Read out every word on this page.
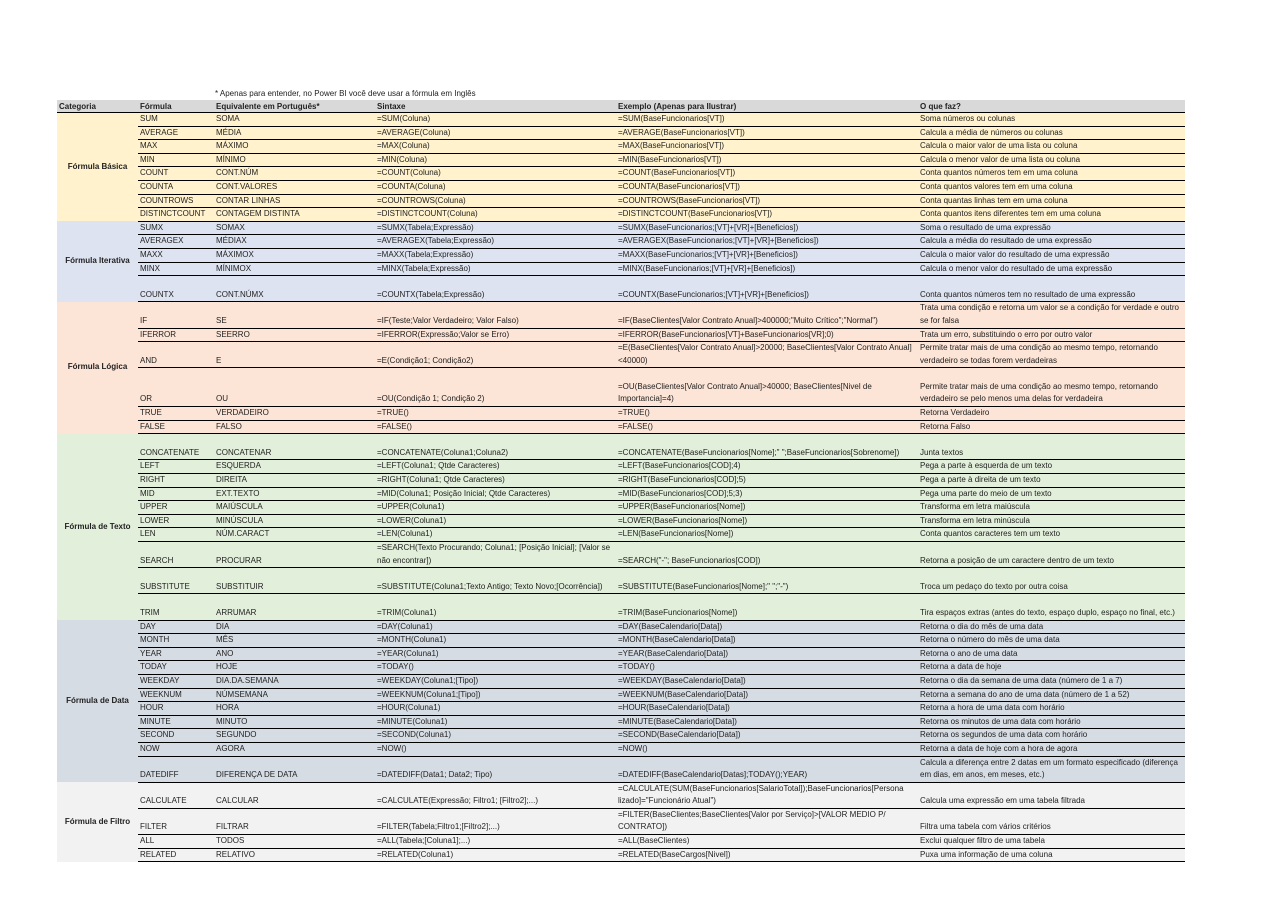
* Apenas para entender, no Power BI você deve usar a fórmula em Inglês
Categoria	Fórmula	Equivalente em Português*	Sintaxe	Exemplo (Apenas para Ilustrar)	O que faz?
Fórmula Básica	SUM	SOMA	=SUM(Coluna)	=SUM(BaseFuncionarios[VT])	Soma números ou colunas
	AVERAGE	MÉDIA	=AVERAGE(Coluna)	=AVERAGE(BaseFuncionarios[VT])	Calcula a média de números ou colunas
	MAX	MÁXIMO	=MAX(Coluna)	=MAX(BaseFuncionarios[VT])	Calcula o maior valor de uma lista ou coluna
	MIN	MÍNIMO	=MIN(Coluna)	=MIN(BaseFuncionarios[VT])	Calcula o menor valor de uma lista ou coluna
	COUNT	CONT.NÚM	=COUNT(Coluna)	=COUNT(BaseFuncionarios[VT])	Conta quantos números tem em uma coluna
	COUNTA	CONT.VALORES	=COUNTA(Coluna)	=COUNTA(BaseFuncionarios[VT])	Conta quantos valores tem em uma coluna
	COUNTROWS	CONTAR LINHAS	=COUNTROWS(Coluna)	=COUNTROWS(BaseFuncionarios[VT])	Conta quantas linhas tem em uma coluna
	DISTINCTCOUNT	CONTAGEM DISTINTA	=DISTINCTCOUNT(Coluna)	=DISTINCTCOUNT(BaseFuncionarios[VT])	Conta quantos itens diferentes tem em uma coluna
Fórmula Iterativa	SUMX	SOMAX	=SUMX(Tabela;Expressão)	=SUMX(BaseFuncionarios;[VT]+[VR]+[Beneficios])	Soma o resultado de uma expressão
	AVERAGEX	MÉDIAX	=AVERAGEX(Tabela;Expressão)	=AVERAGEX(BaseFuncionarios;[VT]+[VR]+[Beneficios])	Calcula a média do resultado de uma expressão
	MAXX	MÁXIMOX	=MAXX(Tabela;Expressão)	=MAXX(BaseFuncionarios;[VT]+[VR]+[Beneficios])	Calcula o maior valor do resultado de uma expressão
	MINX	MÍNIMOX	=MINX(Tabela;Expressão)	=MINX(BaseFuncionarios;[VT]+[VR]+[Beneficios])	Calcula o menor valor do resultado de uma expressão
	COUNTX	CONT.NÚMX	=COUNTX(Tabela;Expressão)	=COUNTX(BaseFuncionarios;[VT]+[VR]+[Beneficios])	Conta quantos números tem no resultado de uma expressão
Fórmula Lógica	IF	SE	=IF(Teste;Valor Verdadeiro; Valor Falso)	=IF(BaseClientes[Valor Contrato Anual]>400000;"Muito Crítico";"Normal")	Trata uma condição e retorna um valor se a condição for verdade e outro se for falsa
	IFERROR	SEERRO	=IFERROR(Expressão;Valor se Erro)	=IFERROR(BaseFuncionarios[VT]+BaseFuncionarios[VR];0)	Trata um erro, substituindo o erro por outro valor
	AND	E	=E(Condição1; Condição2)	=E(BaseClientes[Valor Contrato Anual]>20000; BaseClientes[Valor Contrato Anual]<40000)	Permite tratar mais de uma condição ao mesmo tempo, retornando verdadeiro se todas forem verdadeiras
	OR	OU	=OU(Condição 1; Condição 2)	=OU(BaseClientes[Valor Contrato Anual]>40000; BaseClientes[Nivel de Importancia]=4)	Permite tratar mais de uma condição ao mesmo tempo, retornando verdadeiro se pelo menos uma delas for verdadeira
	TRUE	VERDADEIRO	=TRUE()	=TRUE()	Retorna Verdadeiro
	FALSE	FALSO	=FALSE()	=FALSE()	Retorna Falso
Fórmula de Texto	CONCATENATE	CONCATENAR	=CONCATENATE(Coluna1;Coluna2)	=CONCATENATE(BaseFuncionarios[Nome];" ";BaseFuncionarios[Sobrenome])	Junta textos
	LEFT	ESQUERDA	=LEFT(Coluna1; Qtde Caracteres)	=LEFT(BaseFuncionarios[COD];4)	Pega a parte à esquerda de um texto
	RIGHT	DIREITA	=RIGHT(Coluna1; Qtde Caracteres)	=RIGHT(BaseFuncionarios[COD];5)	Pega a parte à direita de um texto
	MID	EXT.TEXTO	=MID(Coluna1; Posição Inicial; Qtde Caracteres)	=MID(BaseFuncionarios[COD];5;3)	Pega uma parte do meio de um texto
	UPPER	MAIÚSCULA	=UPPER(Coluna1)	=UPPER(BaseFuncionarios[Nome])	Transforma em letra maiúscula
	LOWER	MINÚSCULA	=LOWER(Coluna1)	=LOWER(BaseFuncionarios[Nome])	Transforma em letra minúscula
	LEN	NÚM.CARACT	=LEN(Coluna1)	=LEN(BaseFuncionarios[Nome])	Conta quantos caracteres tem um texto
	SEARCH	PROCURAR	=SEARCH(Texto Procurando; Coluna1; [Posição Inicial]; [Valor se não encontrar])	=SEARCH("-"; BaseFuncionarios[COD])	Retorna a posição de um caractere dentro de um texto
	SUBSTITUTE	SUBSTITUIR	=SUBSTITUTE(Coluna1;Texto Antigo; Texto Novo;[Ocorrência])	=SUBSTITUTE(BaseFuncionarios[Nome];" ";"-")	Troca um pedaço do texto por outra coisa
	TRIM	ARRUMAR	=TRIM(Coluna1)	=TRIM(BaseFuncionarios[Nome])	Tira espaços extras (antes do texto, espaço duplo, espaço no final, etc.)
Fórmula de Data	DAY	DIA	=DAY(Coluna1)	=DAY(BaseCalendario[Data])	Retorna o dia do mês de uma data
	MONTH	MÊS	=MONTH(Coluna1)	=MONTH(BaseCalendario[Data])	Retorna o número do mês de uma data
	YEAR	ANO	=YEAR(Coluna1)	=YEAR(BaseCalendario[Data])	Retorna o ano de uma data
	TODAY	HOJE	=TODAY()	=TODAY()	Retorna a data de hoje
	WEEKDAY	DIA.DA.SEMANA	=WEEKDAY(Coluna1;[Tipo])	=WEEKDAY(BaseCalendario[Data])	Retorna o dia da semana de uma data (número de 1 a 7)
	WEEKNUM	NÚMSEMANA	=WEEKNUM(Coluna1;[Tipo])	=WEEKNUM(BaseCalendario[Data])	Retorna a semana do ano de uma data (número de 1 a 52)
	HOUR	HORA	=HOUR(Coluna1)	=HOUR(BaseCalendario[Data])	Retorna a hora de uma data com horário
	MINUTE	MINUTO	=MINUTE(Coluna1)	=MINUTE(BaseCalendario[Data])	Retorna os minutos de uma data com horário
	SECOND	SEGUNDO	=SECOND(Coluna1)	=SECOND(BaseCalendario[Data])	Retorna os segundos de uma data com horário
	NOW	AGORA	=NOW()	=NOW()	Retorna a data de hoje com a hora de agora
	DATEDIFF	DIFERENÇA DE DATA	=DATEDIFF(Data1; Data2; Tipo)	=DATEDIFF(BaseCalendario[Datas];TODAY();YEAR)	Calcula a diferença entre 2 datas em um formato especificado (diferença em dias, em anos, em meses, etc.)
Fórmula de Filtro	CALCULATE	CALCULAR	=CALCULATE(Expressão; Filtro1; [Filtro2];...)	=CALCULATE(SUM(BaseFuncionarios[SalarioTotal]);BaseFuncionarios[Persona lizado]="Funcionário Atual")	Calcula uma expressão em uma tabela filtrada
	FILTER	FILTRAR	=FILTER(Tabela;Filtro1;[Filtro2];...)	=FILTER(BaseClientes;BaseClientes[Valor por Serviço]>[VALOR MEDIO P/ CONTRATO])	Filtra uma tabela com vários critérios
	ALL	TODOS	=ALL(Tabela;[Coluna1];...)	=ALL(BaseClientes)	Exclui qualquer filtro de uma tabela
	RELATED	RELATIVO	=RELATED(Coluna1)	=RELATED(BaseCargos[Nivel])	Puxa uma informação de uma coluna
